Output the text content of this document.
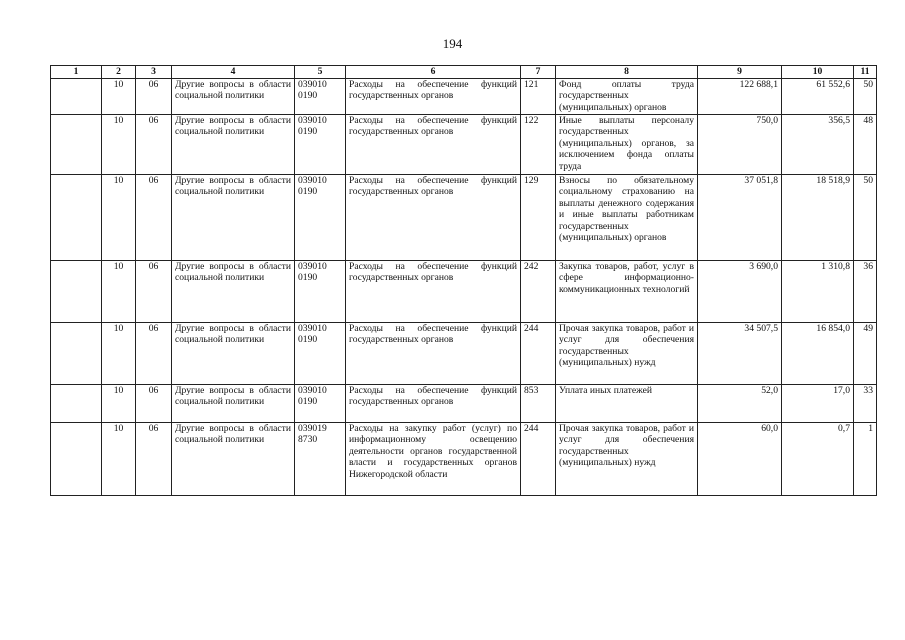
194
1	2	3	4	5	6	7	8	9	10	11
	10	06	Другие вопросы в области социальной политики	039010 0190	Расходы на обеспечение функций государственных органов	121	Фонд оплаты труда государственных (муниципальных) органов	122 688,1	61 552,6	50
	10	06	Другие вопросы в области социальной политики	039010 0190	Расходы на обеспечение функций государственных органов	122	Иные выплаты персоналу государственных (муниципальных) органов, за исключением фонда оплаты труда	750,0	356,5	48
	10	06	Другие вопросы в области социальной политики	039010 0190	Расходы на обеспечение функций государственных органов	129	Взносы по обязательному социальному страхованию на выплаты денежного содержания и иные выплаты работникам государственных (муниципальных) органов	37 051,8	18 518,9	50
	10	06	Другие вопросы в области социальной политики	039010 0190	Расходы на обеспечение функций государственных органов	242	Закупка товаров, работ, услуг в сфере информационно-коммуникационных технологий	3 690,0	1 310,8	36
	10	06	Другие вопросы в области социальной политики	039010 0190	Расходы на обеспечение функций государственных органов	244	Прочая закупка товаров, работ и услуг для обеспечения государственных (муниципальных) нужд	34 507,5	16 854,0	49
	10	06	Другие вопросы в области социальной политики	039010 0190	Расходы на обеспечение функций государственных органов	853	Уплата иных платежей	52,0	17,0	33
	10	06	Другие вопросы в области социальной политики	039019 8730	Расходы на закупку работ (услуг) по информационному освещению деятельности органов государственной власти и государственных органов Нижегородской области	244	Прочая закупка товаров, работ и услуг для обеспечения государственных (муниципальных) нужд	60,0	0,7	1
